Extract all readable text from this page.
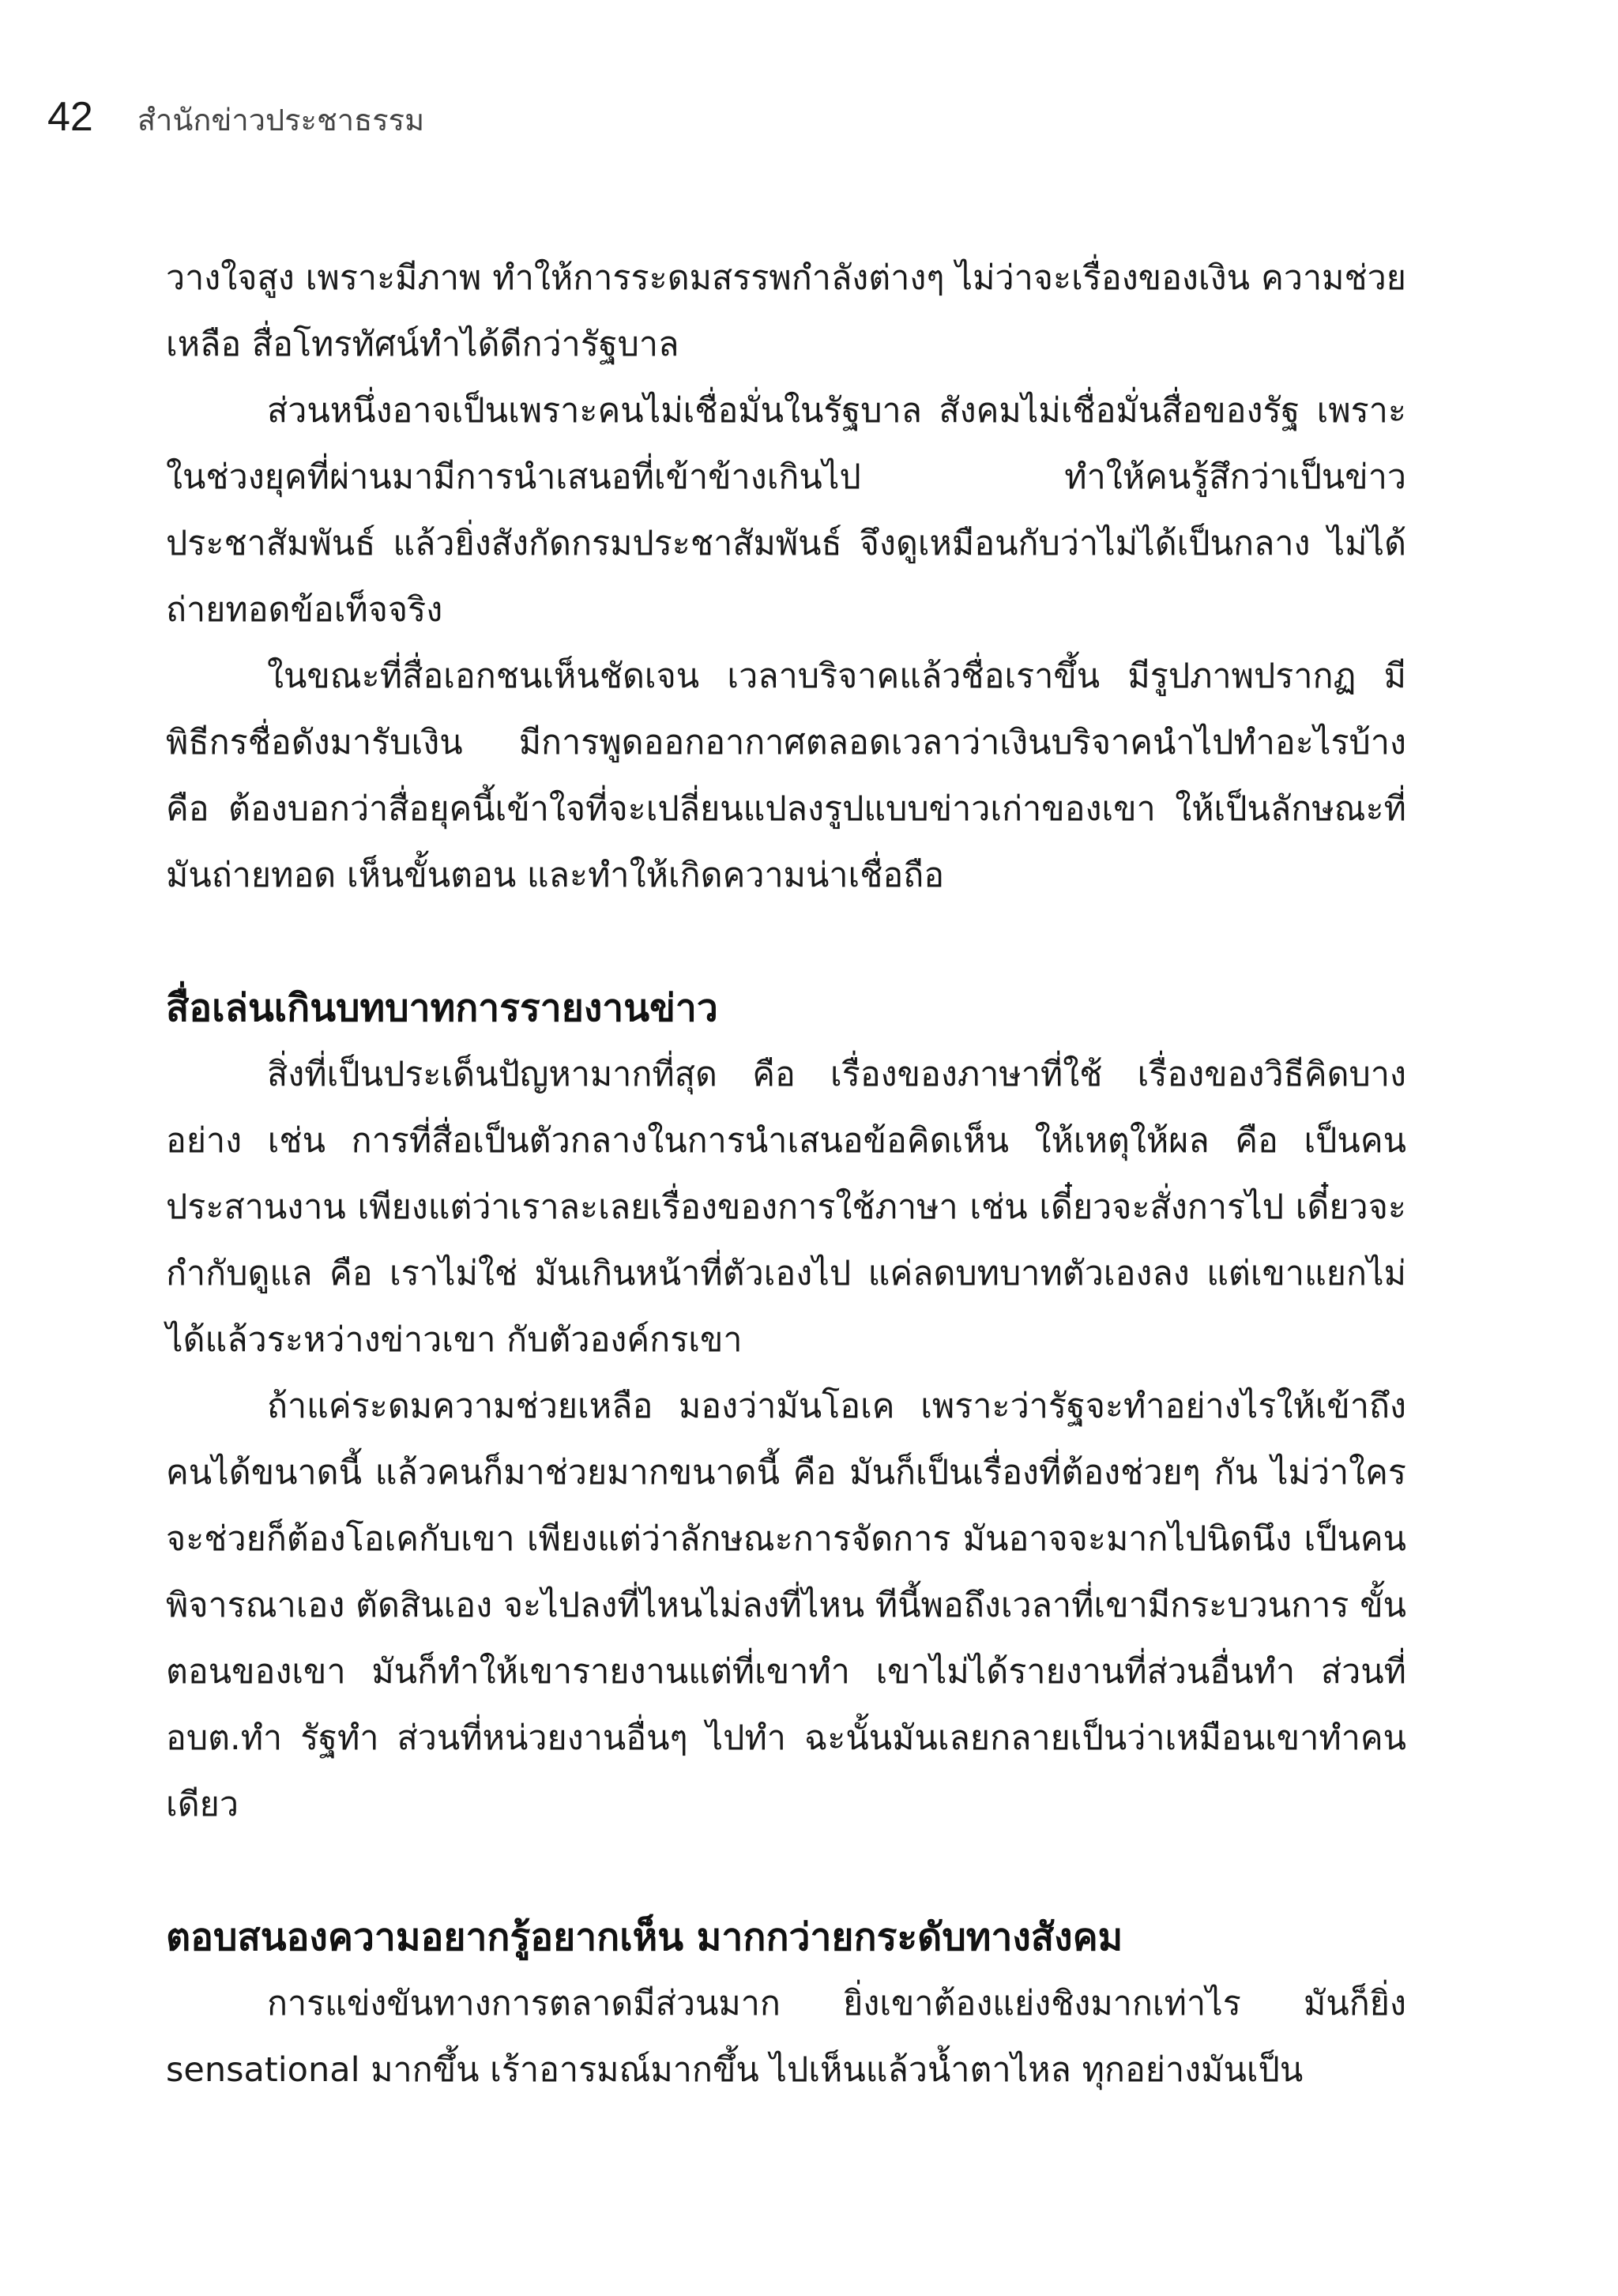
42 สำนักข่าวประชาธรรม

วางใจสูง เพราะมีภาพ ทำให้การระดมสรรพกำลังต่างๆ ไม่ว่าจะเรื่องของเงิน ความช่วยเหลือ สื่อโทรทัศน์ทำได้ดีกว่ารัฐบาล

ส่วนหนึ่งอาจเป็นเพราะคนไม่เชื่อมั่นในรัฐบาล สังคมไม่เชื่อมั่นสื่อของรัฐ เพราะในช่วงยุคที่ผ่านมามีการนำเสนอที่เข้าข้างเกินไป ทำให้คนรู้สึกว่าเป็นข่าวประชาสัมพันธ์ แล้วยิ่งสังกัดกรมประชาสัมพันธ์ จึงดูเหมือนกับว่าไม่ได้เป็นกลาง ไม่ได้ถ่ายทอดข้อเท็จจริง

ในขณะที่สื่อเอกชนเห็นชัดเจน เวลาบริจาคแล้วชื่อเราขึ้น มีรูปภาพปรากฏ มีพิธีกรชื่อดังมารับเงิน มีการพูดออกอากาศตลอดเวลาว่าเงินบริจาคนำไปทำอะไรบ้าง คือ ต้องบอกว่าสื่อยุคนี้เข้าใจที่จะเปลี่ยนแปลงรูปแบบข่าวเก่าของเขา ให้เป็นลักษณะที่มันถ่ายทอด เห็นขั้นตอน และทำให้เกิดความน่าเชื่อถือ

สื่อเล่นเกินบทบาทการรายงานข่าว

สิ่งที่เป็นประเด็นปัญหามากที่สุด คือ เรื่องของภาษาที่ใช้ เรื่องของวิธีคิดบางอย่าง เช่น การที่สื่อเป็นตัวกลางในการนำเสนอข้อคิดเห็น ให้เหตุให้ผล คือ เป็นคนประสานงาน เพียงแต่ว่าเราละเลยเรื่องของการใช้ภาษา เช่น เดี๋ยวจะสั่งการไป เดี๋ยวจะกำกับดูแล คือ เราไม่ใช่ มันเกินหน้าที่ตัวเองไป แค่ลดบทบาทตัวเองลง แต่เขาแยกไม่ได้แล้วระหว่างข่าวเขา กับตัวองค์กรเขา

ถ้าแค่ระดมความช่วยเหลือ มองว่ามันโอเค เพราะว่ารัฐจะทำอย่างไรให้เข้าถึงคนได้ขนาดนี้ แล้วคนก็มาช่วยมากขนาดนี้ คือ มันก็เป็นเรื่องที่ต้องช่วยๆ กัน ไม่ว่าใครจะช่วยก็ต้องโอเคกับเขา เพียงแต่ว่าลักษณะการจัดการ มันอาจจะมากไปนิดนึง เป็นคนพิจารณาเอง ตัดสินเอง จะไปลงที่ไหนไม่ลงที่ไหน ทีนี้พอถึงเวลาที่เขามีกระบวนการ ขั้นตอนของเขา มันก็ทำให้เขารายงานแต่ที่เขาทำ เขาไม่ได้รายงานที่ส่วนอื่นทำ ส่วนที่ อบต.ทำ รัฐทำ ส่วนที่หน่วยงานอื่นๆ ไปทำ ฉะนั้นมันเลยกลายเป็นว่าเหมือนเขาทำคนเดียว

ตอบสนองความอยากรู้อยากเห็น มากกว่ายกระดับทางสังคม

การแข่งขันทางการตลาดมีส่วนมาก ยิ่งเขาต้องแย่งชิงมากเท่าไร มันก็ยิ่ง sensational มากขึ้น เร้าอารมณ์มากขึ้น ไปเห็นแล้วน้ำตาไหล ทุกอย่างมันเป็น
